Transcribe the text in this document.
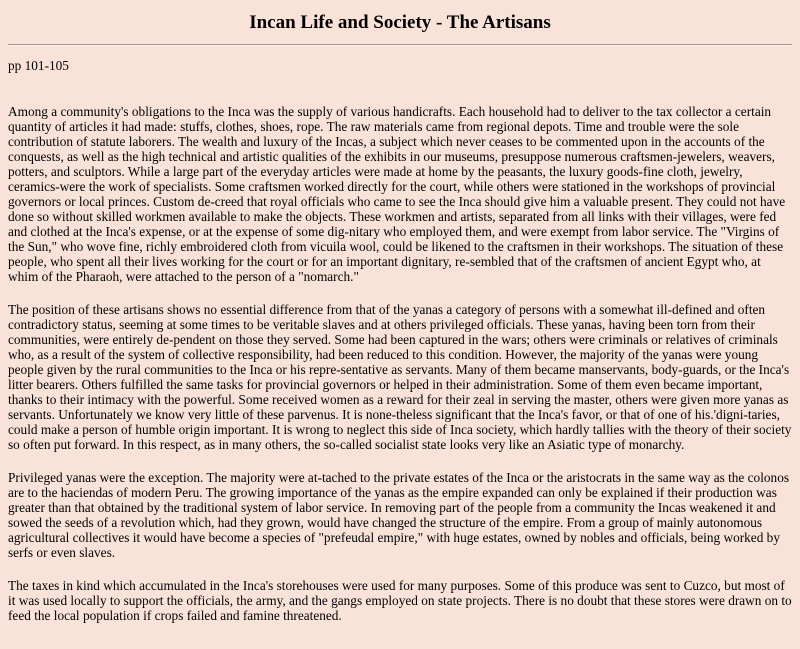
Incan Life and Society - The Artisans

pp 101-105

Among a community's obligations to the Inca was the supply of various handicrafts. Each household had to deliver to the tax collector a certain quantity of articles it had made: stuffs, clothes, shoes, rope. The raw materials came from regional depots. Time and trouble were the sole contribution of statute laborers. The wealth and luxury of the Incas, a subject which never ceases to be commented upon in the accounts of the conquests, as well as the high technical and artistic qualities of the exhibits in our museums, presuppose numerous craftsmen-jewelers, weavers, potters, and sculptors. While a large part of the everyday articles were made at home by the peasants, the luxury goods-fine cloth, jewelry, ceramics-were the work of specialists. Some craftsmen worked directly for the court, while others were stationed in the workshops of provincial governors or local princes. Custom de-creed that royal officials who came to see the Inca should give him a valuable present. They could not have done so without skilled workmen available to make the objects. These workmen and artists, separated from all links with their villages, were fed and clothed at the Inca's expense, or at the expense of some dig-nitary who employed them, and were exempt from labor service. The "Virgins of the Sun," who wove fine, richly embroidered cloth from vicuila wool, could be likened to the craftsmen in their workshops. The situation of these people, who spent all their lives working for the court or for an important dignitary, re-sembled that of the craftsmen of ancient Egypt who, at whim of the Pharaoh, were attached to the person of a "nomarch."

The position of these artisans shows no essential difference from that of the yanas a category of persons with a somewhat ill-defined and often contradictory status, seeming at some times to be veritable slaves and at others privileged officials. These yanas, having been torn from their communities, were entirely de-pendent on those they served. Some had been captured in the wars; others were criminals or relatives of criminals who, as a result of the system of collective responsibility, had been reduced to this condition. However, the majority of the yanas were young people given by the rural communities to the Inca or his repre-sentative as servants. Many of them became manservants, body-guards, or the Inca's litter bearers. Others fulfilled the same tasks for provincial governors or helped in their administration. Some of them even became important, thanks to their intimacy with the powerful. Some received women as a reward for their zeal in serving the master, others were given more yanas as servants. Unfortunately we know very little of these parvenus. It is none-theless significant that the Inca's favor, or that of one of his.'digni-taries, could make a person of humble origin important. It is wrong to neglect this side of Inca society, which hardly tallies with the theory of their society so often put forward. In this respect, as in many others, the so-called socialist state looks very like an Asiatic type of monarchy.

Privileged yanas were the exception. The majority were at-tached to the private estates of the Inca or the aristocrats in the same way as the colonos are to the haciendas of modern Peru. The growing importance of the yanas as the empire expanded can only be explained if their production was greater than that obtained by the traditional system of labor service. In removing part of the people from a community the Incas weakened it and sowed the seeds of a revolution which, had they grown, would have changed the structure of the empire. From a group of mainly autonomous agricultural collectives it would have become a species of "prefeudal empire," with huge estates, owned by nobles and officials, being worked by serfs or even slaves.

The taxes in kind which accumulated in the Inca's storehouses were used for many purposes. Some of this produce was sent to Cuzco, but most of it was used locally to support the officials, the army, and the gangs employed on state projects. There is no doubt that these stores were drawn on to feed the local population if crops failed and famine threatened.
